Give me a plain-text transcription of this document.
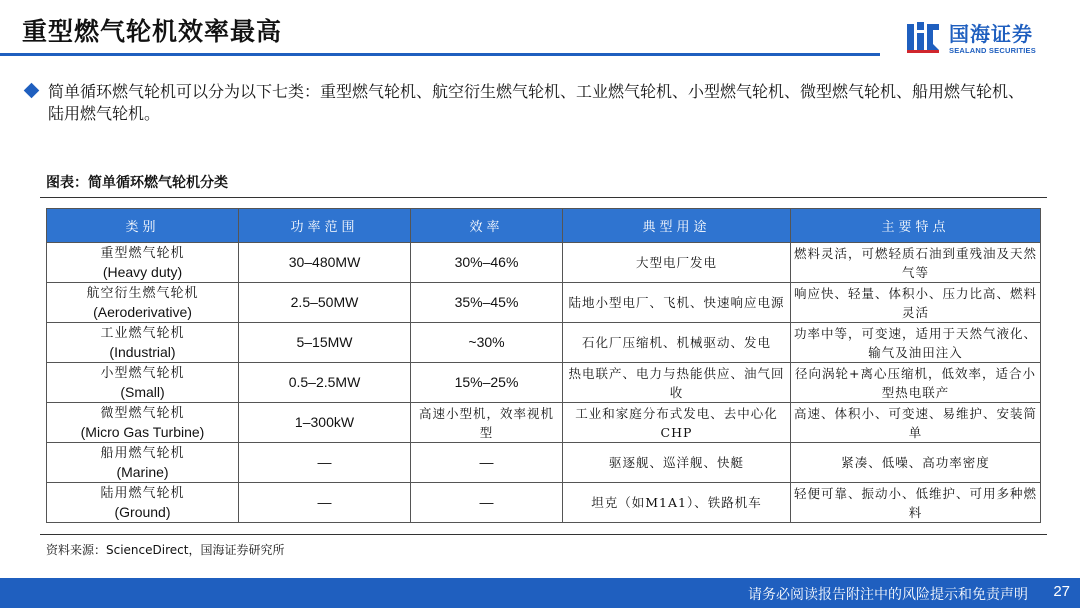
重型燃气轮机效率最高	国海证券
SEALAND SECURITIES
简单循环燃气轮机可以分为以下七类：重型燃气轮机、航空衍生燃气轮机、工业燃气轮机、小型燃气轮机、微型燃气轮机、船用燃气轮机、陆用燃气轮机。
图表：简单循环燃气轮机分类
类别	功率范围	效率	典型用途	主要特点

重型燃气轮机
(Heavy duty)	30–480MW	30%–46%	大型电厂发电	燃料灵活，可燃轻质石油到重残油及天然气等

航空衍生燃气轮机
(Aeroderivative)	2.5–50MW	35%–45%	陆地小型电厂、飞机、快速响应电源	响应快、轻量、体积小、压力比高、燃料灵活

工业燃气轮机
(Industrial)	5–15MW	~30%	石化厂压缩机、机械驱动、发电	功率中等，可变速，适用于天然气液化、输气及油田注入

小型燃气轮机
(Small)	0.5–2.5MW	15%–25%	热电联产、电力与热能供应、油气回收	径向涡轮+离心压缩机，低效率，适合小型热电联产

微型燃气轮机
(Micro Gas Turbine)	1–300kW	高速小型机，效率视机型	工业和家庭分布式发电、去中心化CHP	高速、体积小、可变速、易维护、安装简单

船用燃气轮机
(Marine)	—	—	驱逐舰、巡洋舰、快艇	紧凑、低噪、高功率密度

陆用燃气轮机
(Ground)	—	—	坦克（如M1A1）、铁路机车	轻便可靠、振动小、低维护、可用多种燃料
资料来源：ScienceDirect，国海证券研究所
请务必阅读报告附注中的风险提示和免责声明 27
